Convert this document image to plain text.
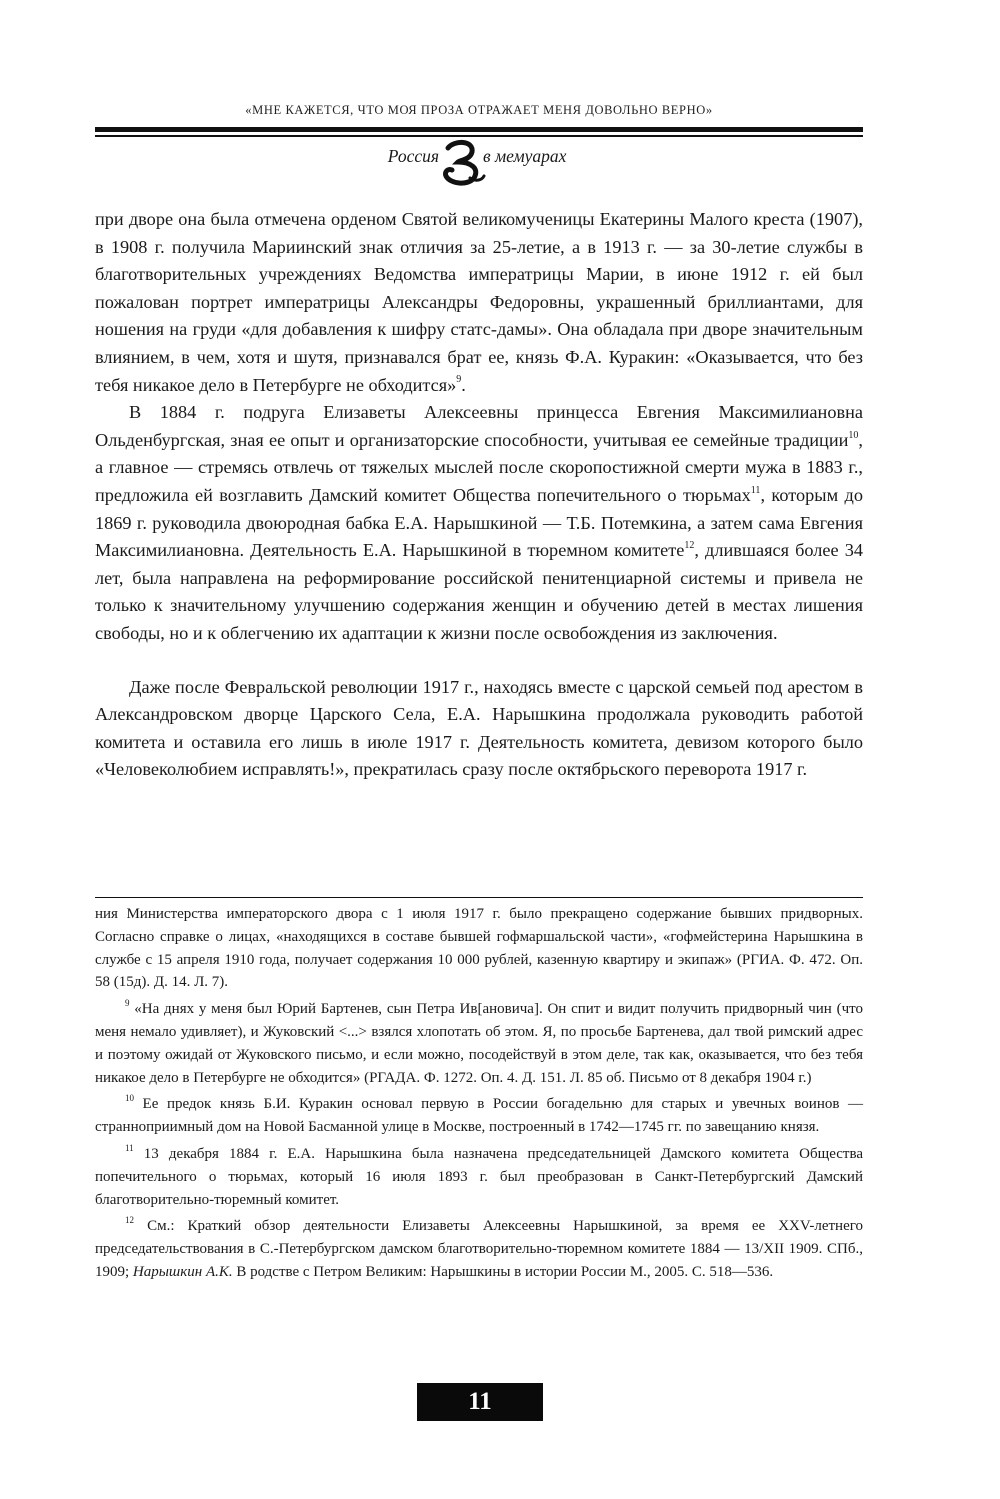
«МНЕ КАЖЕТСЯ, ЧТО МОЯ ПРОЗА ОТРАЖАЕТ МЕНЯ ДОВОЛЬНО ВЕРНО»
Россия	в мемуарах

при дворе она была отмечена орденом Святой великомученицы Екатерины Малого креста (1907), в 1908 г. получила Мариинский знак отличия за 25-летие, а в 1913 г. — за 30-летие службы в благотворительных учреждениях Ведомства императрицы Марии, в июне 1912 г. ей был пожалован портрет императрицы Александры Федоровны, украшенный бриллиантами, для ношения на груди «для добавления к шифру статс-дамы». Она обладала при дворе значительным влиянием, в чем, хотя и шутя, признавался брат ее, князь Ф.А. Куракин: «Оказывается, что без тебя никакое дело в Петербурге не обходится»$^9$.

В 1884 г. подруга Елизаветы Алексеевны принцесса Евгения Максимилиановна Ольденбургская, зная ее опыт и организаторские способности, учитывая ее семейные традиции$^{10}$, а главное — стремясь отвлечь от тяжелых мыслей после скоропостижной смерти мужа в 1883 г., предложила ей возглавить Дамский комитет Общества попечительного о тюрьмах$^{11}$, которым до 1869 г. руководила двоюродная бабка Е.А. Нарышкиной — Т.Б. Потемкина, а затем сама Евгения Максимилиановна. Деятельность Е.А. Нарышкиной в тюремном комитете$^{12}$, длившаяся более 34 лет, была направлена на реформирование российской пенитенциарной системы и привела не только к значительному улучшению содержания женщин и обучению детей в местах лишения свободы, но и к облегчению их адаптации к жизни после освобождения из заключения.

Даже после Февральской революции 1917 г., находясь вместе с царской семьей под арестом в Александровском дворце Царского Села, Е.А. Нарышкина продолжала руководить работой комитета и оставила его лишь в июле 1917 г. Деятельность комитета, девизом которого было «Человеколюбием исправлять!», прекратилась сразу после октябрьского переворота 1917 г.

ния Министерства императорского двора с 1 июля 1917 г. было прекращено содержание бывших придворных. Согласно справке о лицах, «находящихся в составе бывшей гофмаршальской части», «гофмейстерина Нарышкина в службе с 15 апреля 1910 года, получает содержания 10 000 рублей, казенную квартиру и экипаж» (РГИА. Ф. 472. Оп. 58 (15д). Д. 14. Л. 7).

$^9$ «На днях у меня был Юрий Бартенев, сын Петра Ив[ановича]. Он спит и видит получить придворный чин (что меня немало удивляет), и Жуковский <...> взялся хлопотать об этом. Я, по просьбе Бартенева, дал твой римский адрес и поэтому ожидай от Жуковского письмо, и если можно, посодействуй в этом деле, так как, оказывается, что без тебя никакое дело в Петербурге не обходится» (РГАДА. Ф. 1272. Оп. 4. Д. 151. Л. 85 об. Письмо от 8 декабря 1904 г.)

$^{10}$ Ее предок князь Б.И. Куракин основал первую в России богадельню для старых и увечных воинов — странноприимный дом на Новой Басманной улице в Москве, построенный в 1742—1745 гг. по завещанию князя.

$^{11}$ 13 декабря 1884 г. Е.А. Нарышкина была назначена председательницей Дамского комитета Общества попечительного о тюрьмах, который 16 июля 1893 г. был преобразован в Санкт-Петербургский Дамский благотворительно-тюремный комитет.

$^{12}$ См.: Краткий обзор деятельности Елизаветы Алексеевны Нарышкиной, за время ее XXV-летнего председательствования в С.-Петербургском дамском благотворительно-тюремном комитете 1884 — 13/XII 1909. СПб., 1909; Нарышкин А.К. В родстве с Петром Великим: Нарышкины в истории России М., 2005. С. 518—536.

11
